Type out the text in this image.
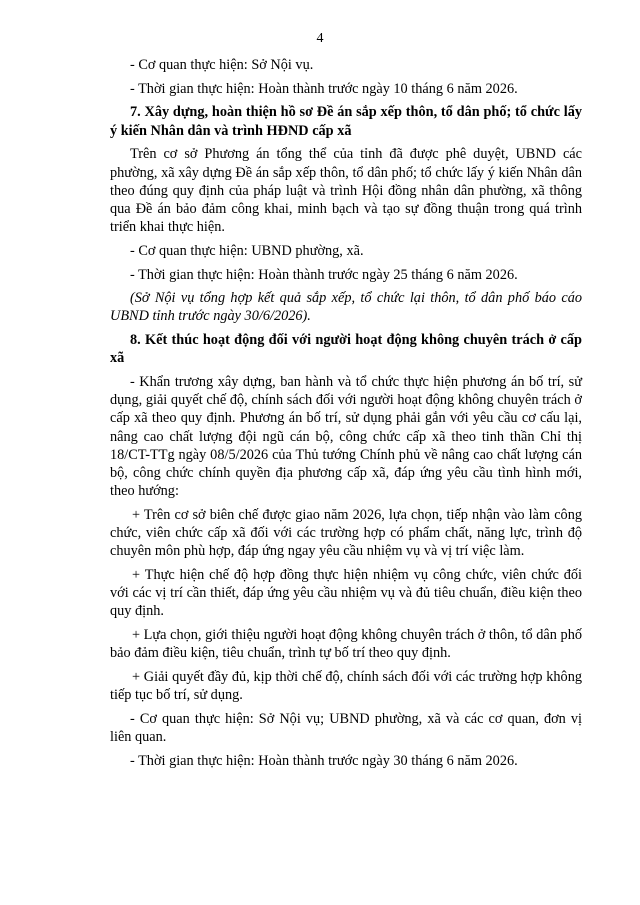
4

- Cơ quan thực hiện: Sở Nội vụ.

- Thời gian thực hiện: Hoàn thành trước ngày 10 tháng 6 năm 2026.

7. Xây dựng, hoàn thiện hồ sơ Đề án sắp xếp thôn, tổ dân phố; tổ chức lấy ý kiến Nhân dân và trình HĐND cấp xã

Trên cơ sở Phương án tổng thể của tỉnh đã được phê duyệt, UBND các phường, xã xây dựng Đề án sắp xếp thôn, tổ dân phố; tổ chức lấy ý kiến Nhân dân theo đúng quy định của pháp luật và trình Hội đồng nhân dân phường, xã thông qua Đề án bảo đảm công khai, minh bạch và tạo sự đồng thuận trong quá trình triển khai thực hiện.

- Cơ quan thực hiện: UBND phường, xã.

- Thời gian thực hiện: Hoàn thành trước ngày 25 tháng 6 năm 2026.

(Sở Nội vụ tổng hợp kết quả sắp xếp, tổ chức lại thôn, tổ dân phố báo cáo UBND tỉnh trước ngày 30/6/2026).

8. Kết thúc hoạt động đối với người hoạt động không chuyên trách ở cấp xã

- Khẩn trương xây dựng, ban hành và tổ chức thực hiện phương án bố trí, sử dụng, giải quyết chế độ, chính sách đối với người hoạt động không chuyên trách ở cấp xã theo quy định. Phương án bố trí, sử dụng phải gắn với yêu cầu cơ cấu lại, nâng cao chất lượng đội ngũ cán bộ, công chức cấp xã theo tinh thần Chỉ thị 18/CT-TTg ngày 08/5/2026 của Thủ tướng Chính phủ về nâng cao chất lượng cán bộ, công chức chính quyền địa phương cấp xã, đáp ứng yêu cầu tình hình mới, theo hướng:

+ Trên cơ sở biên chế được giao năm 2026, lựa chọn, tiếp nhận vào làm công chức, viên chức cấp xã đối với các trường hợp có phẩm chất, năng lực, trình độ chuyên môn phù hợp, đáp ứng ngay yêu cầu nhiệm vụ và vị trí việc làm.

+ Thực hiện chế độ hợp đồng thực hiện nhiệm vụ công chức, viên chức đối với các vị trí cần thiết, đáp ứng yêu cầu nhiệm vụ và đủ tiêu chuẩn, điều kiện theo quy định.

+ Lựa chọn, giới thiệu người hoạt động không chuyên trách ở thôn, tổ dân phố bảo đảm điều kiện, tiêu chuẩn, trình tự bố trí theo quy định.

+ Giải quyết đầy đủ, kịp thời chế độ, chính sách đối với các trường hợp không tiếp tục bố trí, sử dụng.

- Cơ quan thực hiện: Sở Nội vụ; UBND phường, xã và các cơ quan, đơn vị liên quan.

- Thời gian thực hiện: Hoàn thành trước ngày 30 tháng 6 năm 2026.
